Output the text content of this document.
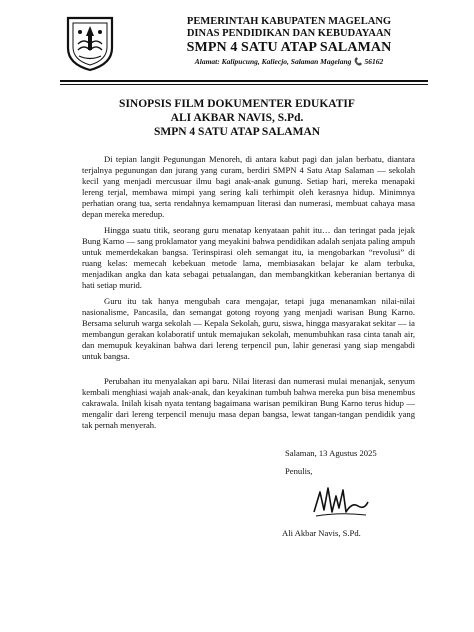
PEMERINTAH KABUPATEN MAGELANG
DINAS PENDIDIKAN DAN KEBUDAYAAN
SMPN 4 SATU ATAP SALAMAN
Alamat: Kalipucung, Kaliecjo, Salaman Magelang 📞 56162
SINOPSIS FILM DOKUMENTER EDUKATIF
ALI AKBAR NAVIS, S.Pd.
SMPN 4 SATU ATAP SALAMAN

Di tepian langit Pegunungan Menoreh, di antara kabut pagi dan jalan berbatu, diantara terjalnya pegunungan dan jurang yang curam, berdiri SMPN 4 Satu Atap Salaman — sekolah kecil yang menjadi mercusuar ilmu bagi anak-anak gunung. Setiap hari, mereka menapaki lereng terjal, membawa mimpi yang sering kali terhimpit oleh kerasnya hidup. Minimnya perhatian orang tua, serta rendahnya kemampuan literasi dan numerasi, membuat cahaya masa depan mereka meredup.

Hingga suatu titik, seorang guru menatap kenyataan pahit itu… dan teringat pada jejak Bung Karno — sang proklamator yang meyakini bahwa pendidikan adalah senjata paling ampuh untuk memerdekakan bangsa. Terinspirasi oleh semangat itu, ia mengobarkan “revolusi” di ruang kelas: memecah kebekuan metode lama, membiasakan belajar ke alam terbuka, menjadikan angka dan kata sebagai petualangan, dan membangkitkan keberanian bertanya di hati setiap murid.

Guru itu tak hanya mengubah cara mengajar, tetapi juga menanamkan nilai-nilai nasionalisme, Pancasila, dan semangat gotong royong yang menjadi warisan Bung Karno. Bersama seluruh warga sekolah — Kepala Sekolah, guru, siswa, hingga masyarakat sekitar — ia membangun gerakan kolaboratif untuk memajukan sekolah, menumbuhkan rasa cinta tanah air, dan memupuk keyakinan bahwa dari lereng terpencil pun, lahir generasi yang siap mengabdi untuk bangsa.

Perubahan itu menyalakan api baru. Nilai literasi dan numerasi mulai menanjak, senyum kembali menghiasi wajah anak-anak, dan keyakinan tumbuh bahwa mereka pun bisa menembus cakrawala. Inilah kisah nyata tentang bagaimana warisan pemikiran Bung Karno terus hidup — mengalir dari lereng terpencil menuju masa depan bangsa, lewat tangan-tangan pendidik yang tak pernah menyerah.

Salaman, 13 Agustus 2025
Penulis,
Ali Akbar Navis, S.Pd.
